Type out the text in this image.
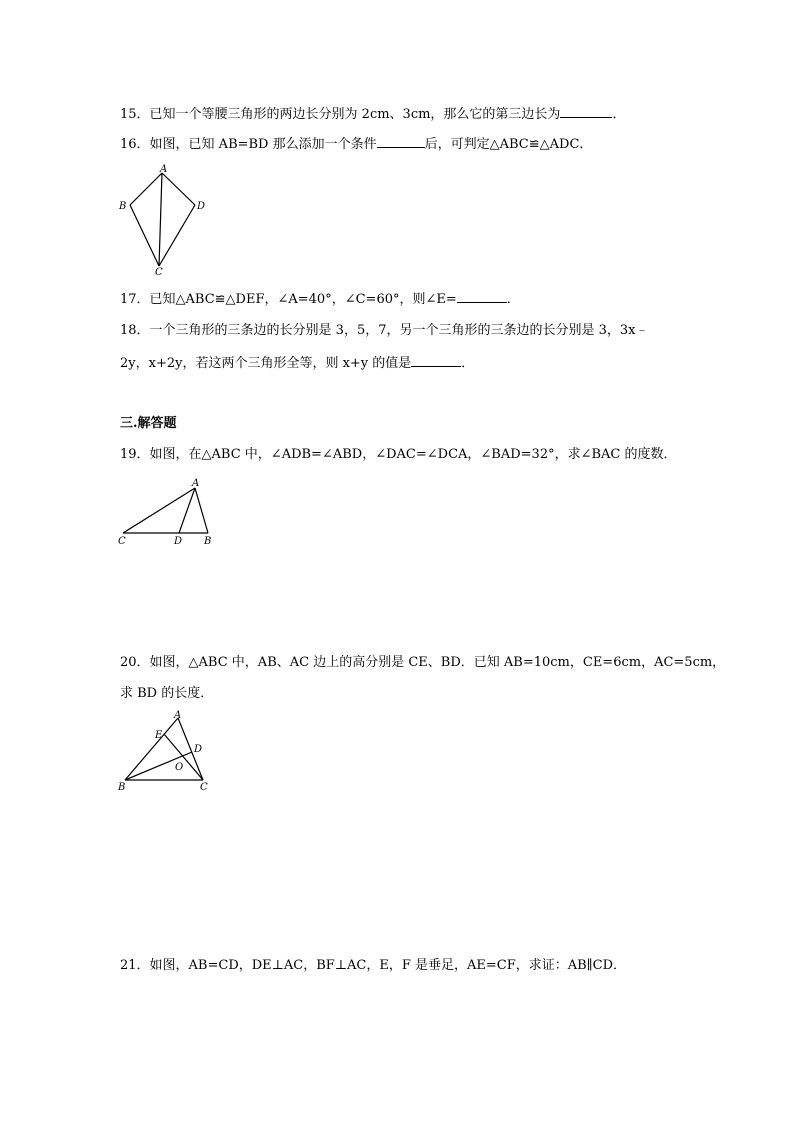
15．已知一个等腰三角形的两边长分别为 2cm、3cm，那么它的第三边长为	．
16．如图，已知 AB=BD 那么添加一个条件	后，可判定△ABC≌△ADC．
A
B	D
C
17．已知△ABC≌△DEF，∠A=40°，∠C=60°，则∠E=	．
18．一个三角形的三条边的长分别是 3，5，7，另一个三角形的三条边的长分别是 3，3x﹣
2y，x+2y，若这两个三角形全等，则 x+y 的值是	．
三.解答题
19．如图，在△ABC 中，∠ADB=∠ABD，∠DAC=∠DCA，∠BAD=32°，求∠BAC 的度数．
A
C	D B
20．如图，△ABC 中，AB、AC 边上的高分别是 CE、BD．已知 AB=10cm，CE=6cm，AC=5cm，
求 BD 的长度．
A
E
D
O
B	C
21．如图，AB=CD，DE⊥AC，BF⊥AC，E，F 是垂足，AE=CF，求证：AB∥CD．
